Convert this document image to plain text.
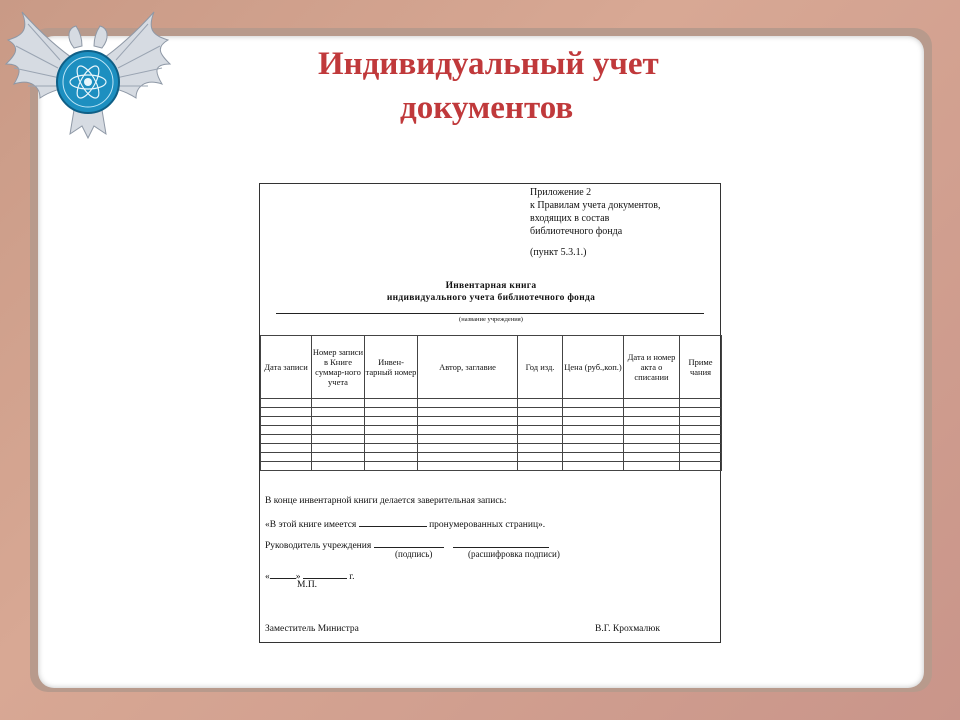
Индивидуальный учет
документов
Приложение 2
к Правилам учета документов,
входящих в состав
библиотечного фонда
(пункт 5.3.1.)
Инвентарная книга
индивидуального учета библиотечного фонда
(название учреждения)
Дата записи	Номер записи в Книге суммар-ного учета	Инвен-тарный номер	Автор, заглавие	Год изд.	Цена (руб.,коп.)	Дата и номер акта о списании	Приме чания

В конце инвентарной книги делается заверительная запись:
«В этой книге имеется	пронумерованных страниц».
Руководитель учреждения
(подпись)	(расшифровка подписи)
«	»	г.
М.П.
Заместитель Министра	В.Г. Крохмалюк
